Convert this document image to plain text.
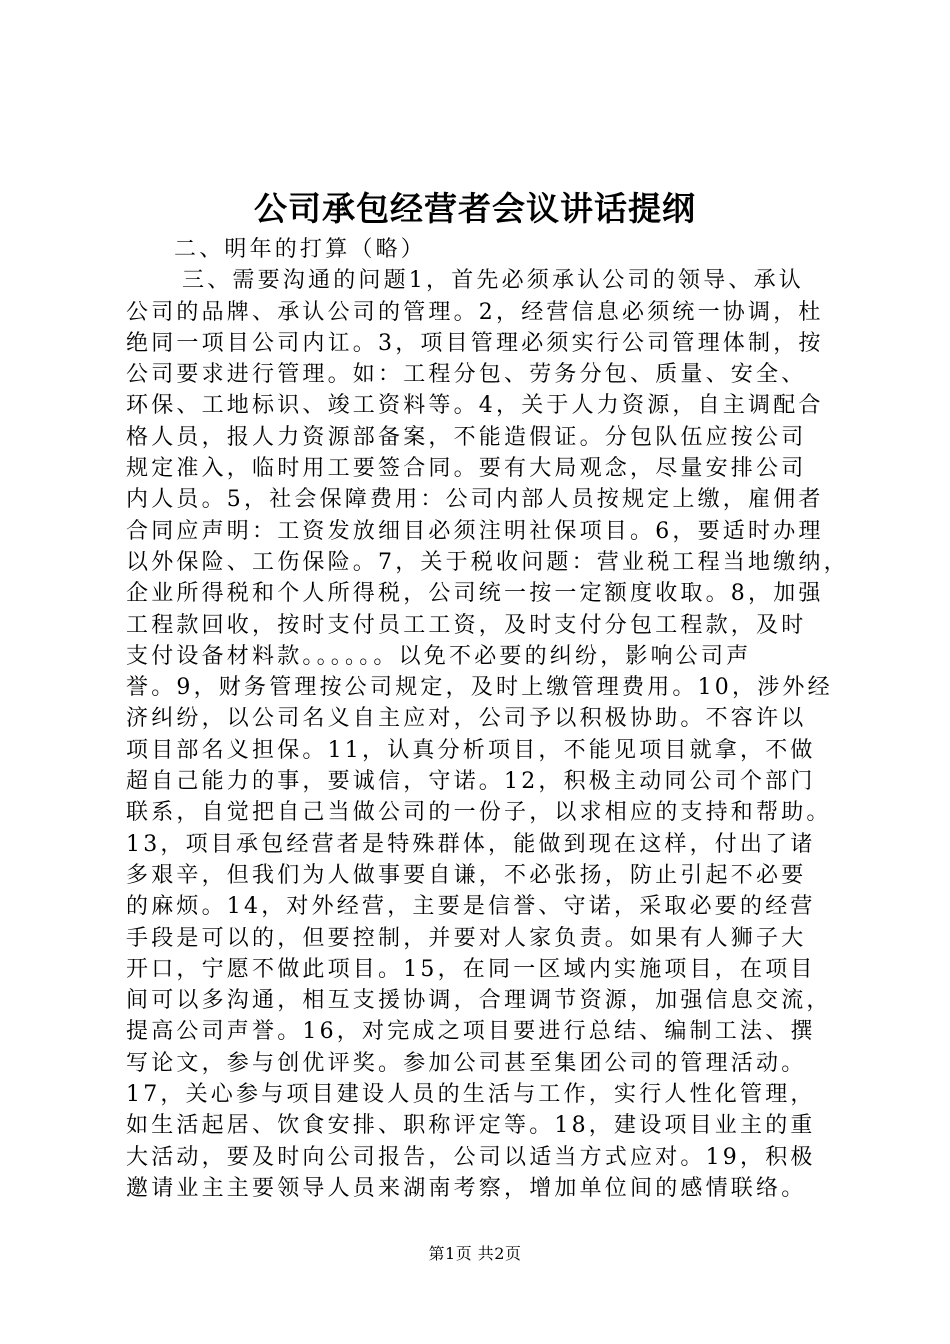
公司承包经营者会议讲话提纲
二、明年的打算（略）
三、需要沟通的问题1，首先必须承认公司的领导、承认
公司的品牌、承认公司的管理。2，经营信息必须统一协调，杜
绝同一项目公司内讧。3，项目管理必须实行公司管理体制，按
公司要求进行管理。如：工程分包、劳务分包、质量、安全、
环保、工地标识、竣工资料等。4，关于人力资源，自主调配合
格人员，报人力资源部备案，不能造假证。分包队伍应按公司
规定准入，临时用工要签合同。要有大局观念，尽量安排公司
内人员。5，社会保障费用：公司内部人员按规定上缴，雇佣者
合同应声明：工资发放细目必须注明社保项目。6，要适时办理
以外保险、工伤保险。7，关于税收问题：营业税工程当地缴纳，
企业所得税和个人所得税，公司统一按一定额度收取。8，加强
工程款回收，按时支付员工工资，及时支付分包工程款，及时
支付设备材料款。。。。。。以免不必要的纠纷，影响公司声
誉。9，财务管理按公司规定，及时上缴管理费用。10，涉外经
济纠纷，以公司名义自主应对，公司予以积极协助。不容许以
项目部名义担保。11，认真分析项目，不能见项目就拿，不做
超自己能力的事，要诚信，守诺。12，积极主动同公司个部门
联系，自觉把自己当做公司的一份子，以求相应的支持和帮助。
13，项目承包经营者是特殊群体，能做到现在这样，付出了诸
多艰辛，但我们为人做事要自谦，不必张扬，防止引起不必要
的麻烦。14，对外经营，主要是信誉、守诺，采取必要的经营
手段是可以的，但要控制，并要对人家负责。如果有人狮子大
开口，宁愿不做此项目。15，在同一区域内实施项目，在项目
间可以多沟通，相互支援协调，合理调节资源，加强信息交流，
提高公司声誉。16，对完成之项目要进行总结、编制工法、撰
写论文，参与创优评奖。参加公司甚至集团公司的管理活动。
17，关心参与项目建设人员的生活与工作，实行人性化管理，
如生活起居、饮食安排、职称评定等。18，建设项目业主的重
大活动，要及时向公司报告，公司以适当方式应对。19，积极
邀请业主主要领导人员来湖南考察，增加单位间的感情联络。
第1页 共2页
